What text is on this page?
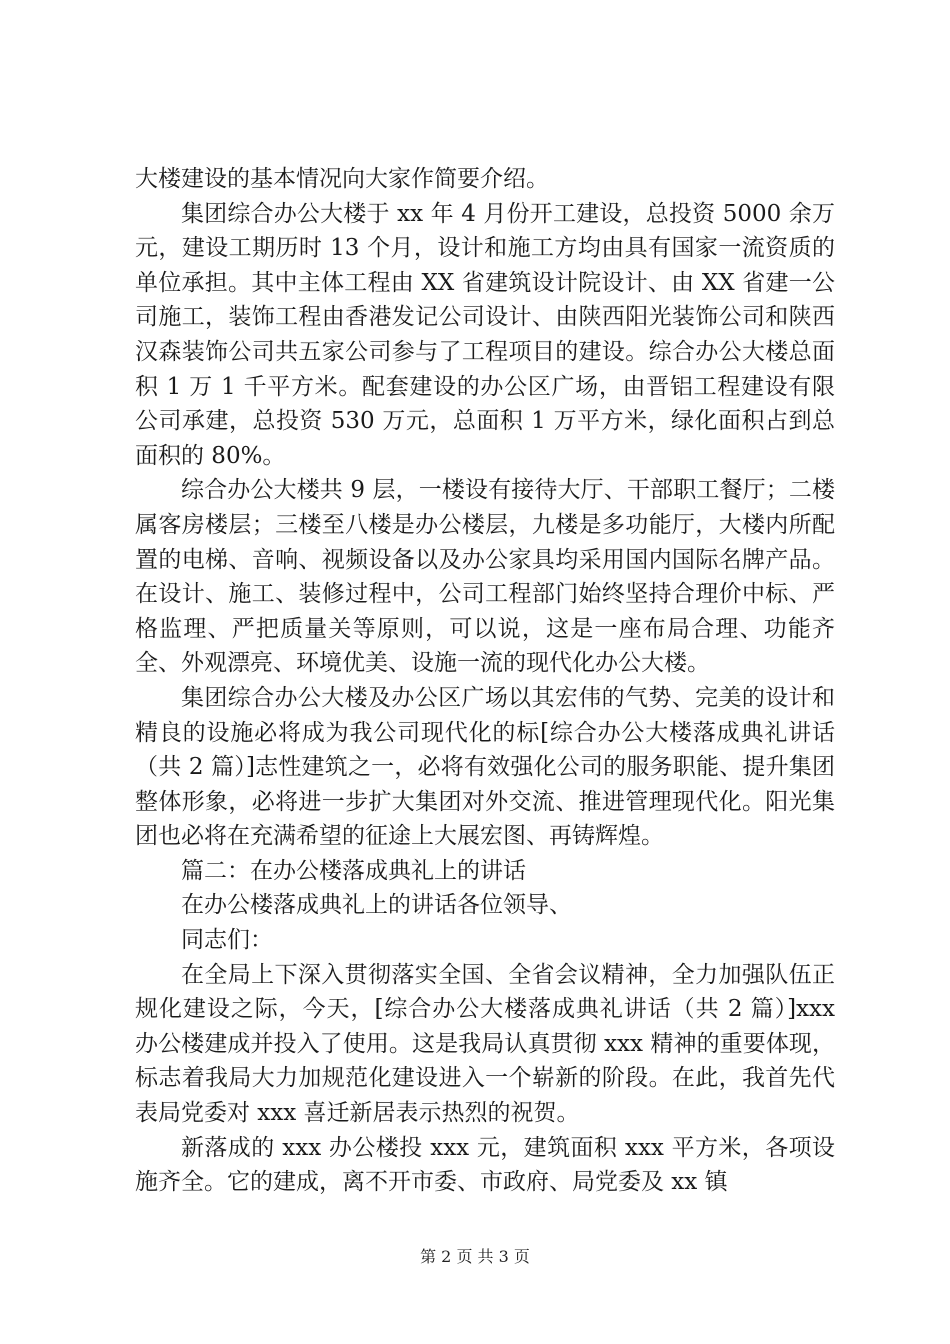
大楼建设的基本情况向大家作简要介绍。

集团综合办公大楼于 xx 年 4 月份开工建设，总投资 5000 余万元，建设工期历时 13 个月，设计和施工方均由具有国家一流资质的单位承担。其中主体工程由 XX 省建筑设计院设计、由 XX 省建一公司施工，装饰工程由香港发记公司设计、由陕西阳光装饰公司和陕西汉森装饰公司共五家公司参与了工程项目的建设。综合办公大楼总面积 1 万 1 千平方米。配套建设的办公区广场，由晋铝工程建设有限公司承建，总投资 530 万元，总面积 1 万平方米，绿化面积占到总面积的 80%。

综合办公大楼共 9 层，一楼设有接待大厅、干部职工餐厅；二楼属客房楼层；三楼至八楼是办公楼层，九楼是多功能厅，大楼内所配置的电梯、音响、视频设备以及办公家具均采用国内国际名牌产品。在设计、施工、装修过程中，公司工程部门始终坚持合理价中标、严格监理、严把质量关等原则，可以说，这是一座布局合理、功能齐全、外观漂亮、环境优美、设施一流的现代化办公大楼。

集团综合办公大楼及办公区广场以其宏伟的气势、完美的设计和精良的设施必将成为我公司现代化的标[综合办公大楼落成典礼讲话（共 2 篇）]志性建筑之一，必将有效强化公司的服务职能、提升集团整体形象，必将进一步扩大集团对外交流、推进管理现代化。阳光集团也必将在充满希望的征途上大展宏图、再铸辉煌。

篇二：在办公楼落成典礼上的讲话

在办公楼落成典礼上的讲话各位领导、

同志们：

在全局上下深入贯彻落实全国、全省会议精神，全力加强队伍正规化建设之际，今天，[综合办公大楼落成典礼讲话（共 2 篇）]xxx 办公楼建成并投入了使用。这是我局认真贯彻 xxx 精神的重要体现，标志着我局大力加规范化建设进入一个崭新的阶段。在此，我首先代表局党委对 xxx 喜迁新居表示热烈的祝贺。

新落成的 xxx 办公楼投 xxx 元，建筑面积 xxx 平方米，各项设施齐全。它的建成，离不开市委、市政府、局党委及 xx 镇

第 2 页 共 3 页
